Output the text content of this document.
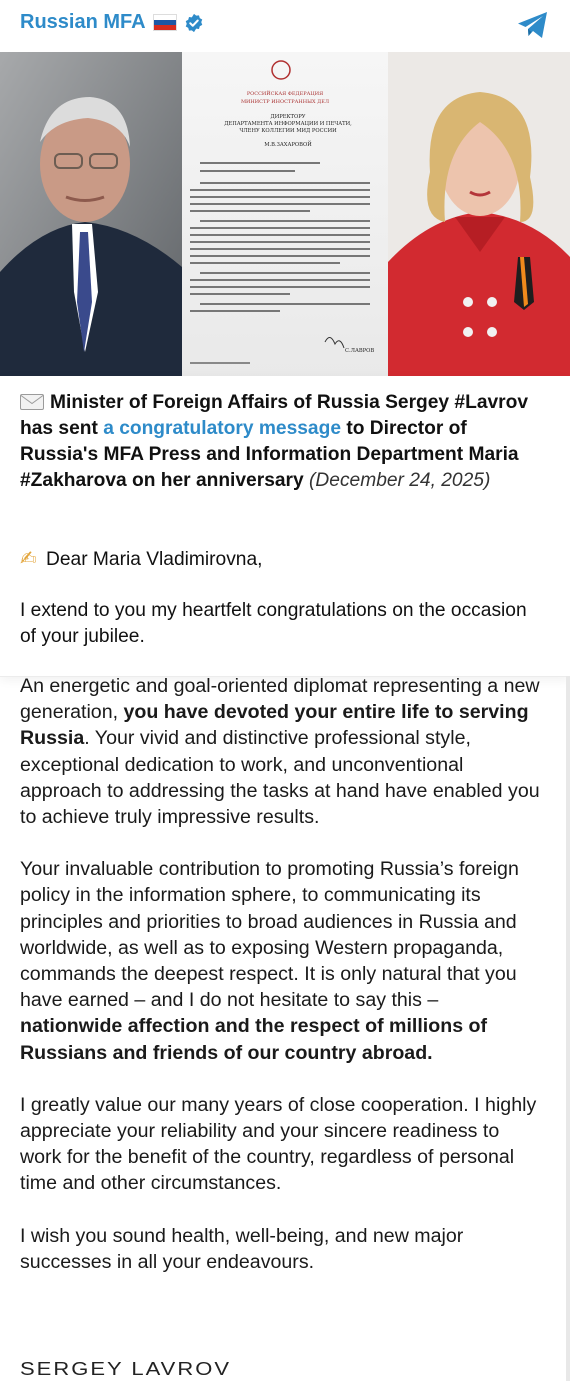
Russian MFA
РОССИЙСКАЯ ФЕДЕРАЦИЯ
МИНИСТР ИНОСТРАННЫХ ДЕЛ
ДИРЕКТОРУ
ДЕПАРТАМЕНТА ИНФОРМАЦИИ И ПЕЧАТИ,
ЧЛЕНУ КОЛЛЕГИИ МИД РОССИИ
М.В.ЗАХАРОВОЙ
С.ЛАВРОВ
Minister of Foreign Affairs of Russia Sergey #Lavrov has sent a congratulatory message to Director of Russia's MFA Press and Information Department Maria #Zakharova on her anniversary (December 24, 2025)
✍ Dear Maria Vladimirovna,
I extend to you my heartfelt congratulations on the occasion of your jubilee.

An energetic and goal-oriented diplomat representing a new generation, you have devoted your entire life to serving Russia. Your vivid and distinctive professional style, exceptional dedication to work, and unconventional approach to addressing the tasks at hand have enabled you to achieve truly impressive results.

Your invaluable contribution to promoting Russia’s foreign policy in the information sphere, to communicating its principles and priorities to broad audiences in Russia and worldwide, as well as to exposing Western propaganda, commands the deepest respect. It is only natural that you have earned – and I do not hesitate to say this – nationwide affection and the respect of millions of Russians and friends of our country abroad.

I greatly value our many years of close cooperation. I highly appreciate your reliability and your sincere readiness to work for the benefit of the country, regardless of personal time and other circumstances.

I wish you sound health, well-being, and new major successes in all your endeavours.

SERGEY LAVROV
